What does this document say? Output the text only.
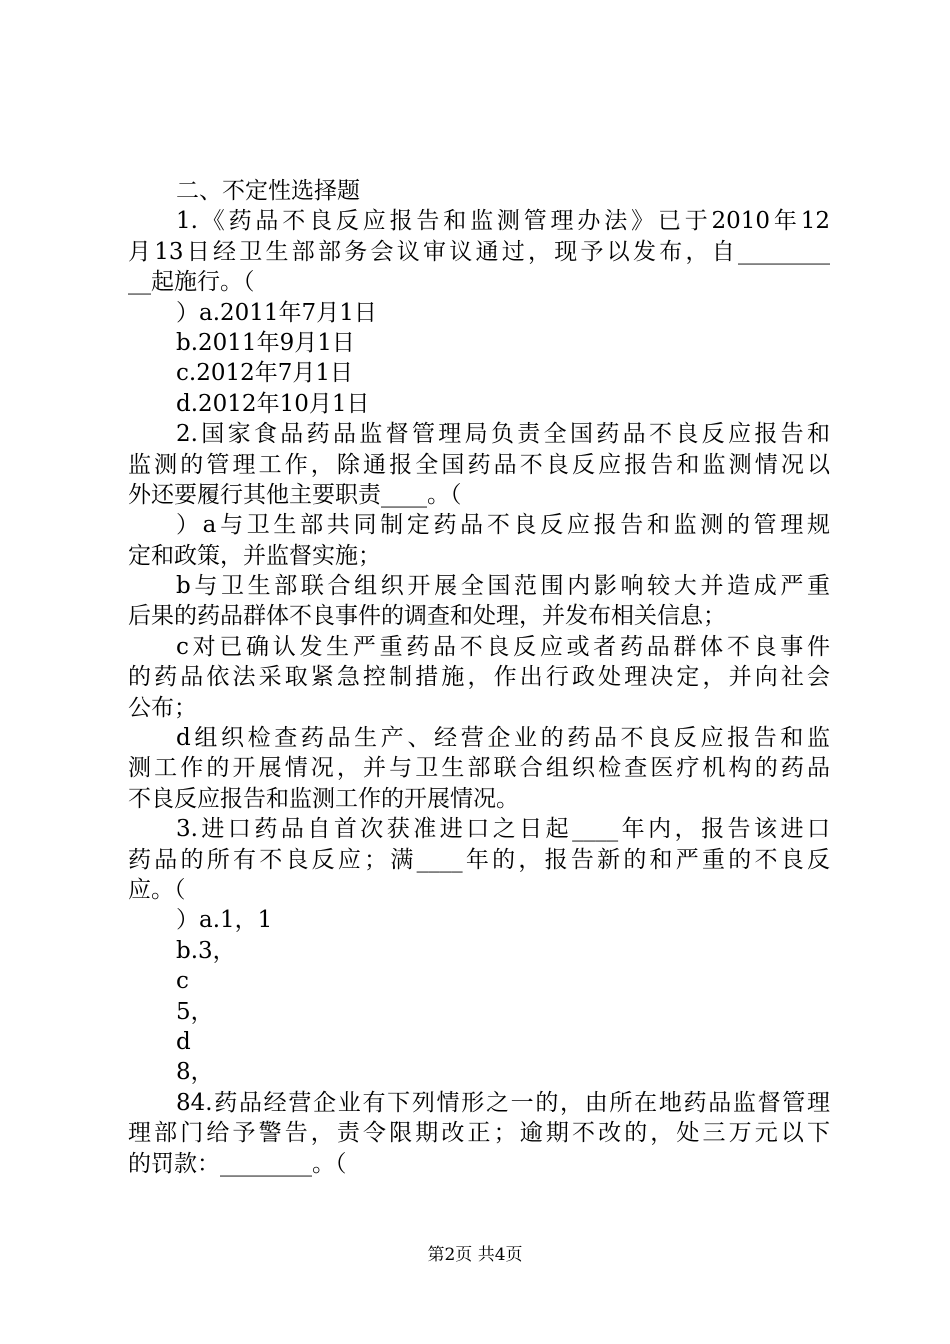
二、不定性选择题
1.《药品不良反应报告和监测管理办法》已于2010年12
月13日经卫生部部务会议审议通过，现予以发布，自________
__起施行。（
）a.2011年7月1日
b.2011年9月1日
c.2012年7月1日
d.2012年10月1日
2.国家食品药品监督管理局负责全国药品不良反应报告和
监测的管理工作，除通报全国药品不良反应报告和监测情况以
外还要履行其他主要职责____。（
）a与卫生部共同制定药品不良反应报告和监测的管理规
定和政策，并监督实施；
b与卫生部联合组织开展全国范围内影响较大并造成严重
后果的药品群体不良事件的调查和处理，并发布相关信息；
c对已确认发生严重药品不良反应或者药品群体不良事件
的药品依法采取紧急控制措施，作出行政处理决定，并向社会
公布；
d组织检查药品生产、经营企业的药品不良反应报告和监
测工作的开展情况，并与卫生部联合组织检查医疗机构的药品
不良反应报告和监测工作的开展情况。
3.进口药品自首次获准进口之日起____年内，报告该进口
药品的所有不良反应；满____年的，报告新的和严重的不良反
应。（
）a.1，1
b.3，
c
5，
d
8，
84.药品经营企业有下列情形之一的，由所在地药品监督管理
理部门给予警告，责令限期改正；逾期不改的，处三万元以下
的罚款：________。（
第2页 共4页
